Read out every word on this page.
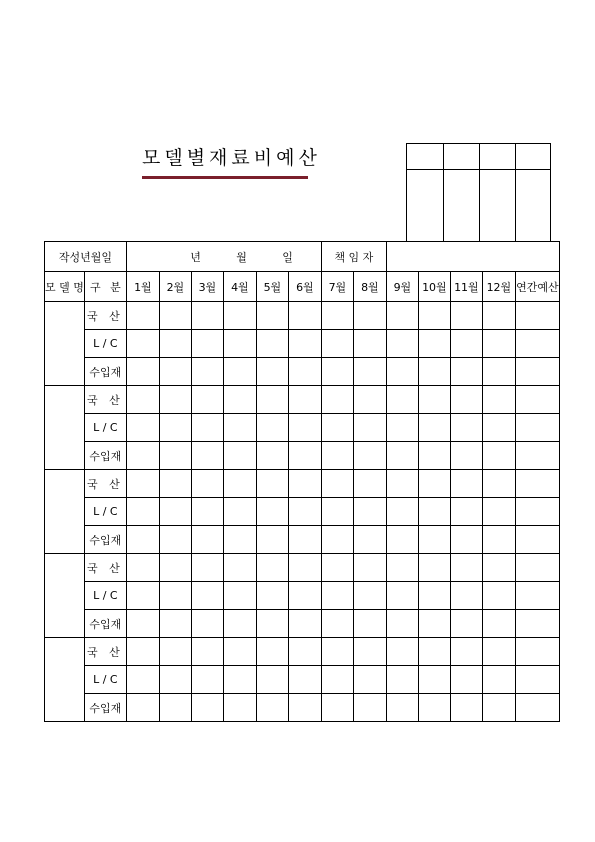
모델별재료비예산

작성년월일		년 월 일						책 임 자						
모 델 명	구 분	1월	2월	3월	4월	5월	6월	7월	8월	9월	10월	11월	12월	연간예산
	국 산													
	L / C													
	수입재													
	국 산													
	L / C													
	수입재													
	국 산													
	L / C													
	수입재													
	국 산													
	L / C													
	수입재													
	국 산													
	L / C													
	수입재													
